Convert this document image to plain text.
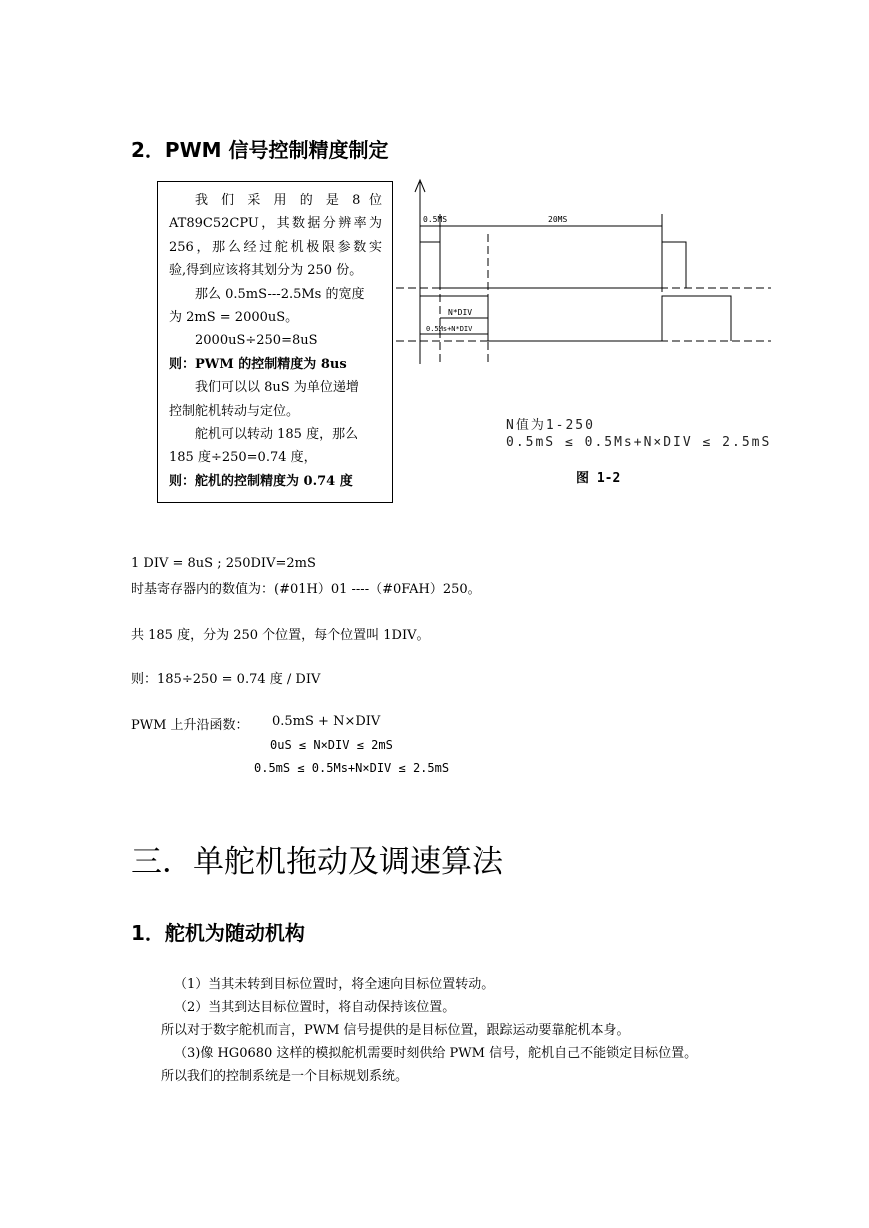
2．PWM 信号控制精度制定

我 们 采 用 的 是 8 位

AT89C52CPU，其数据分辨率为

256，那么经过舵机极限参数实

验,得到应该将其划分为 250 份。

那么 0.5mS---2.5Ms 的宽度

为 2mS = 2000uS。

2000uS÷250=8uS

则：PWM 的控制精度为 8us

我们可以以 8uS 为单位递增

控制舵机转动与定位。

舵机可以转动 185 度，那么

185 度÷250=0.74 度，

则：舵机的控制精度为 0.74 度

0.5MS	20MS
N*DIV
0.5Ms+N*DIV
N值为1-250
0.5mS ≤ 0.5Ms+N×DIV ≤ 2.5mS
图 1-2
1 DIV = 8uS ; 250DIV=2mS
时基寄存器内的数值为：(#01H）01 ----（#0FAH）250。
共 185 度，分为 250 个位置，每个位置叫 1DIV。
则：185÷250 = 0.74 度 / DIV
PWM 上升沿函数： 0.5mS + N×DIV
0uS ≤ N×DIV ≤ 2mS
0.5mS ≤ 0.5Ms+N×DIV ≤ 2.5mS
三．单舵机拖动及调速算法
1．舵机为随动机构
（1）当其未转到目标位置时，将全速向目标位置转动。
（2）当其到达目标位置时，将自动保持该位置。
所以对于数字舵机而言，PWM 信号提供的是目标位置，跟踪运动要靠舵机本身。
（3)像 HG0680 这样的模拟舵机需要时刻供给 PWM 信号，舵机自己不能锁定目标位置。
所以我们的控制系统是一个目标规划系统。
